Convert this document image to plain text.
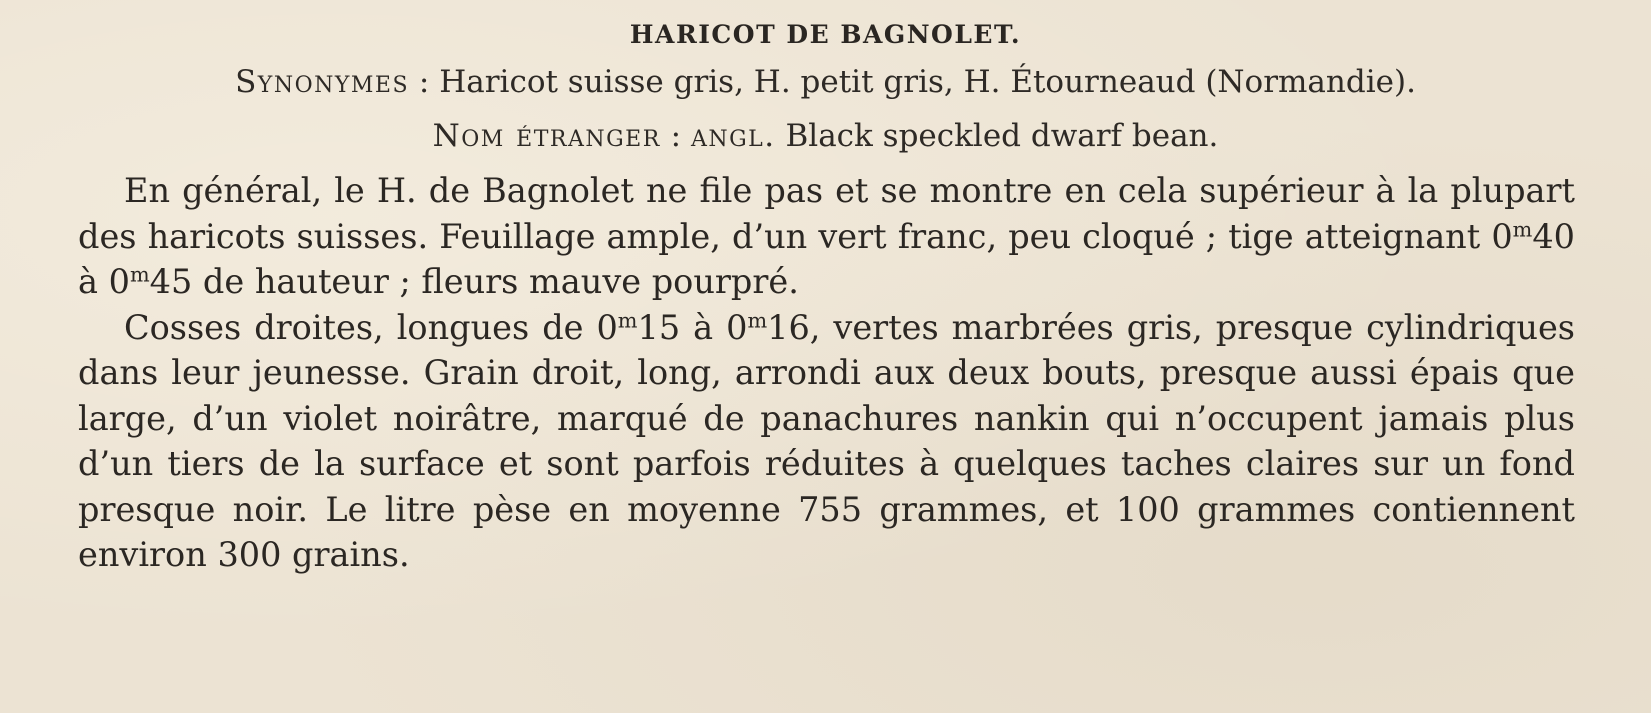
HARICOT DE BAGNOLET.
Synonymes : Haricot suisse gris, H. petit gris, H. Étourneaud (Normandie).
Nom étranger : angl. Black speckled dwarf bean.

En général, le H. de Bagnolet ne file pas et se montre en cela supérieur à la plupart des haricots suisses. Feuillage ample, d’un vert franc, peu cloqué ; tige atteignant 0$^m$40 à 0$^m$45 de hauteur ; fleurs mauve pourpré.

Cosses droites, longues de 0$^m$15 à 0$^m$16, vertes marbrées gris, presque cylindriques dans leur jeunesse. Grain droit, long, arrondi aux deux bouts, presque aussi épais que large, d’un violet noirâtre, marqué de panachures nankin qui n’occupent jamais plus d’un tiers de la surface et sont parfois réduites à quelques taches claires sur un fond presque noir. Le litre pèse en moyenne 755 grammes, et 100 grammes contiennent environ 300 grains.
